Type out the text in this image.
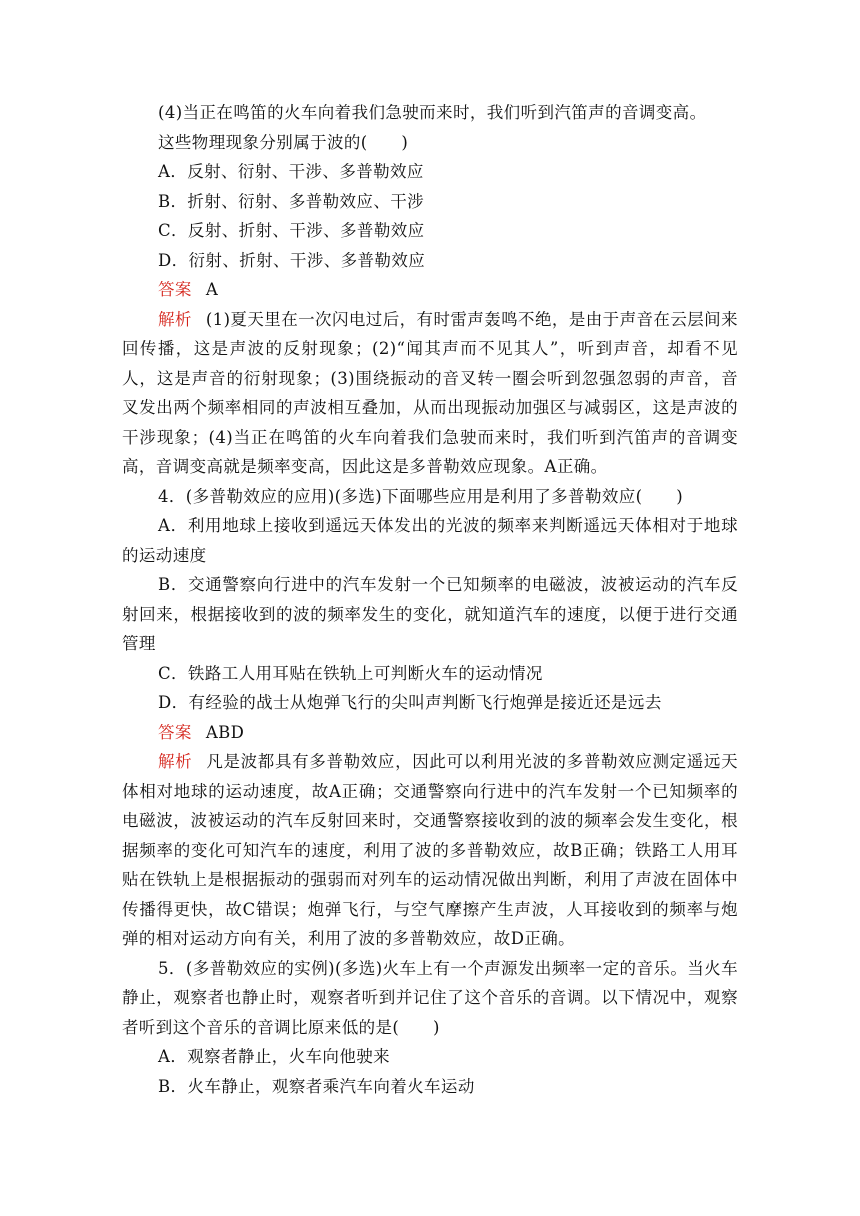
(4)当正在鸣笛的火车向着我们急驶而来时，我们听到汽笛声的音调变高。

这些物理现象分别属于波的(　　)

A．反射、衍射、干涉、多普勒效应

B．折射、衍射、多普勒效应、干涉

C．反射、折射、干涉、多普勒效应

D．衍射、折射、干涉、多普勒效应

答案 A

解析 (1)夏天里在一次闪电过后，有时雷声轰鸣不绝，是由于声音在云层间来回传播，这是声波的反射现象；(2)“闻其声而不见其人”，听到声音，却看不见人，这是声音的衍射现象；(3)围绕振动的音叉转一圈会听到忽强忽弱的声音，音叉发出两个频率相同的声波相互叠加，从而出现振动加强区与减弱区，这是声波的干涉现象；(4)当正在鸣笛的火车向着我们急驶而来时，我们听到汽笛声的音调变高，音调变高就是频率变高，因此这是多普勒效应现象。A正确。

4．(多普勒效应的应用)(多选)下面哪些应用是利用了多普勒效应(　　)

A．利用地球上接收到遥远天体发出的光波的频率来判断遥远天体相对于地球的运动速度

B．交通警察向行进中的汽车发射一个已知频率的电磁波，波被运动的汽车反射回来，根据接收到的波的频率发生的变化，就知道汽车的速度，以便于进行交通管理

C．铁路工人用耳贴在铁轨上可判断火车的运动情况

D．有经验的战士从炮弹飞行的尖叫声判断飞行炮弹是接近还是远去

答案 ABD

解析 凡是波都具有多普勒效应，因此可以利用光波的多普勒效应测定遥远天体相对地球的运动速度，故A正确；交通警察向行进中的汽车发射一个已知频率的电磁波，波被运动的汽车反射回来时，交通警察接收到的波的频率会发生变化，根据频率的变化可知汽车的速度，利用了波的多普勒效应，故B正确；铁路工人用耳贴在铁轨上是根据振动的强弱而对列车的运动情况做出判断，利用了声波在固体中传播得更快，故C错误；炮弹飞行，与空气摩擦产生声波，人耳接收到的频率与炮弹的相对运动方向有关，利用了波的多普勒效应，故D正确。

5．(多普勒效应的实例)(多选)火车上有一个声源发出频率一定的音乐。当火车静止，观察者也静止时，观察者听到并记住了这个音乐的音调。以下情况中，观察者听到这个音乐的音调比原来低的是(　　)

A．观察者静止，火车向他驶来

B．火车静止，观察者乘汽车向着火车运动
